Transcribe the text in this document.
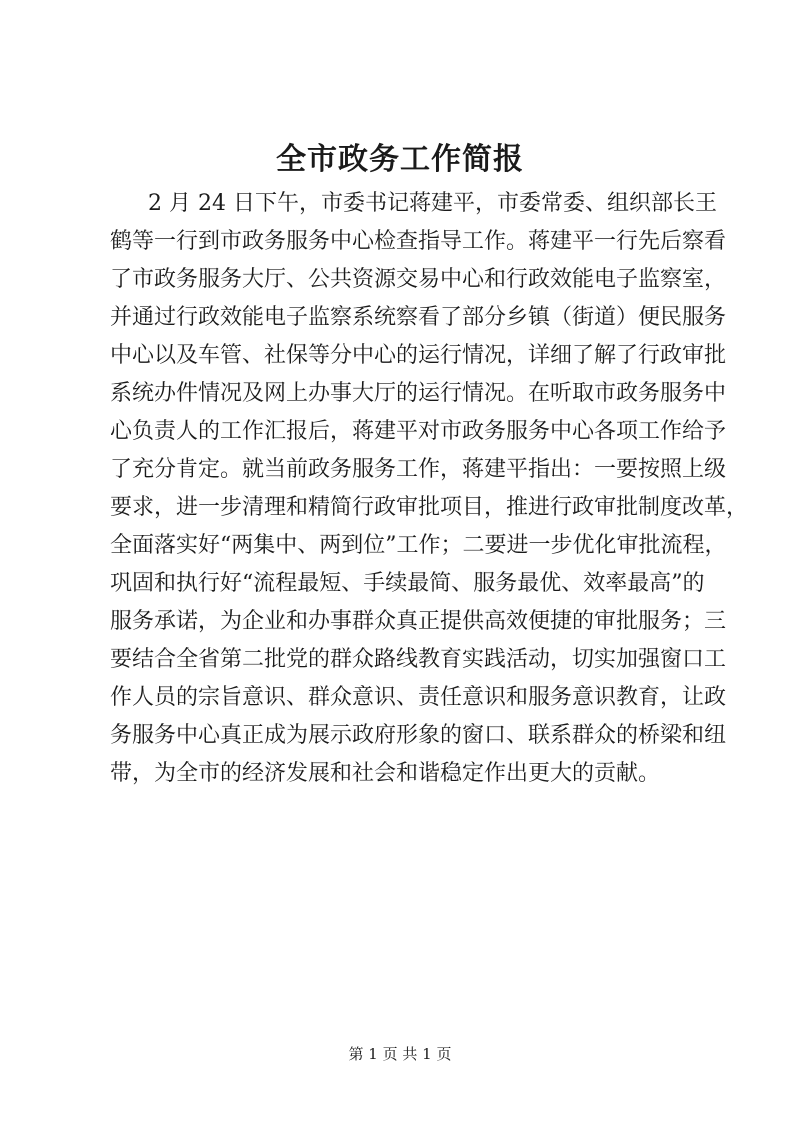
全市政务工作简报
2 月 24 日下午，市委书记蒋建平，市委常委、组织部长王
鹤等一行到市政务服务中心检查指导工作。蒋建平一行先后察看
了市政务服务大厅、公共资源交易中心和行政效能电子监察室，
并通过行政效能电子监察系统察看了部分乡镇（街道）便民服务
中心以及车管、社保等分中心的运行情况，详细了解了行政审批
系统办件情况及网上办事大厅的运行情况。在听取市政务服务中
心负责人的工作汇报后，蒋建平对市政务服务中心各项工作给予
了充分肯定。就当前政务服务工作，蒋建平指出：一要按照上级
要求，进一步清理和精简行政审批项目，推进行政审批制度改革，
全面落实好“两集中、两到位”工作；二要进一步优化审批流程，
巩固和执行好“流程最短、手续最简、服务最优、效率最高”的
服务承诺，为企业和办事群众真正提供高效便捷的审批服务；三
要结合全省第二批党的群众路线教育实践活动，切实加强窗口工
作人员的宗旨意识、群众意识、责任意识和服务意识教育，让政
务服务中心真正成为展示政府形象的窗口、联系群众的桥梁和纽
带，为全市的经济发展和社会和谐稳定作出更大的贡献。
第 1 页 共 1 页
